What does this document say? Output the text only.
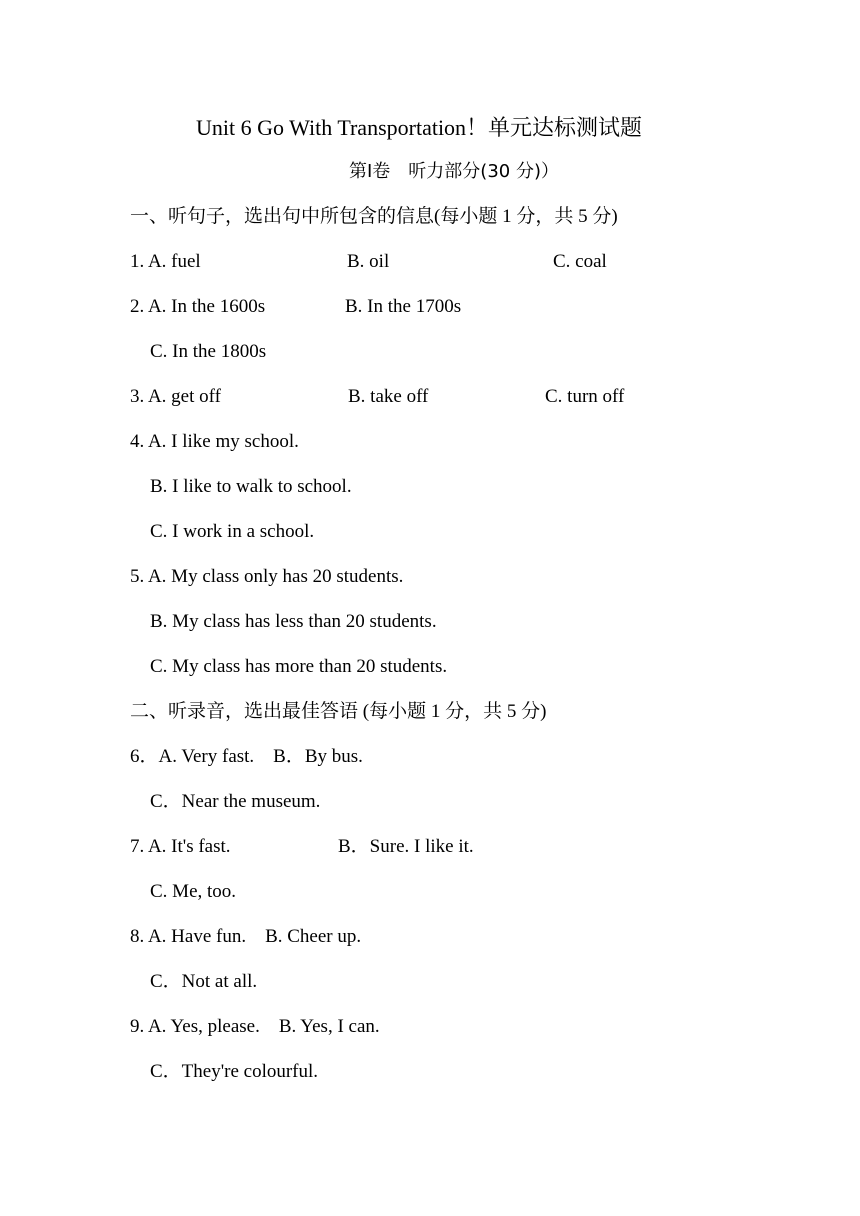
Unit 6 Go With Transportation！单元达标测试题
第Ⅰ卷　听力部分(30 分)）
一、听句子，选出句中所包含的信息(每小题 1 分，共 5 分)
1. A. fuel	B. oil	C. coal
2. A. In the 1600s	B. In the 1700s
C. In the 1800s
3. A. get off	B. take off	C. turn off
4. A. I like my school.
B. I like to walk to school.
C. I work in a school.
5. A. My class only has 20 students.
B. My class has less than 20 students.
C. My class has more than 20 students.
二、听录音，选出最佳答语 (每小题 1 分，共 5 分)
6．A. Very fast.　B．By bus.
C．Near the museum.
7. A. It's fast.	B．Sure. I like it.
C. Me, too.
8. A. Have fun.　B. Cheer up.
C．Not at all.
9. A. Yes, please.　B. Yes, I can.
C．They're colourful.
